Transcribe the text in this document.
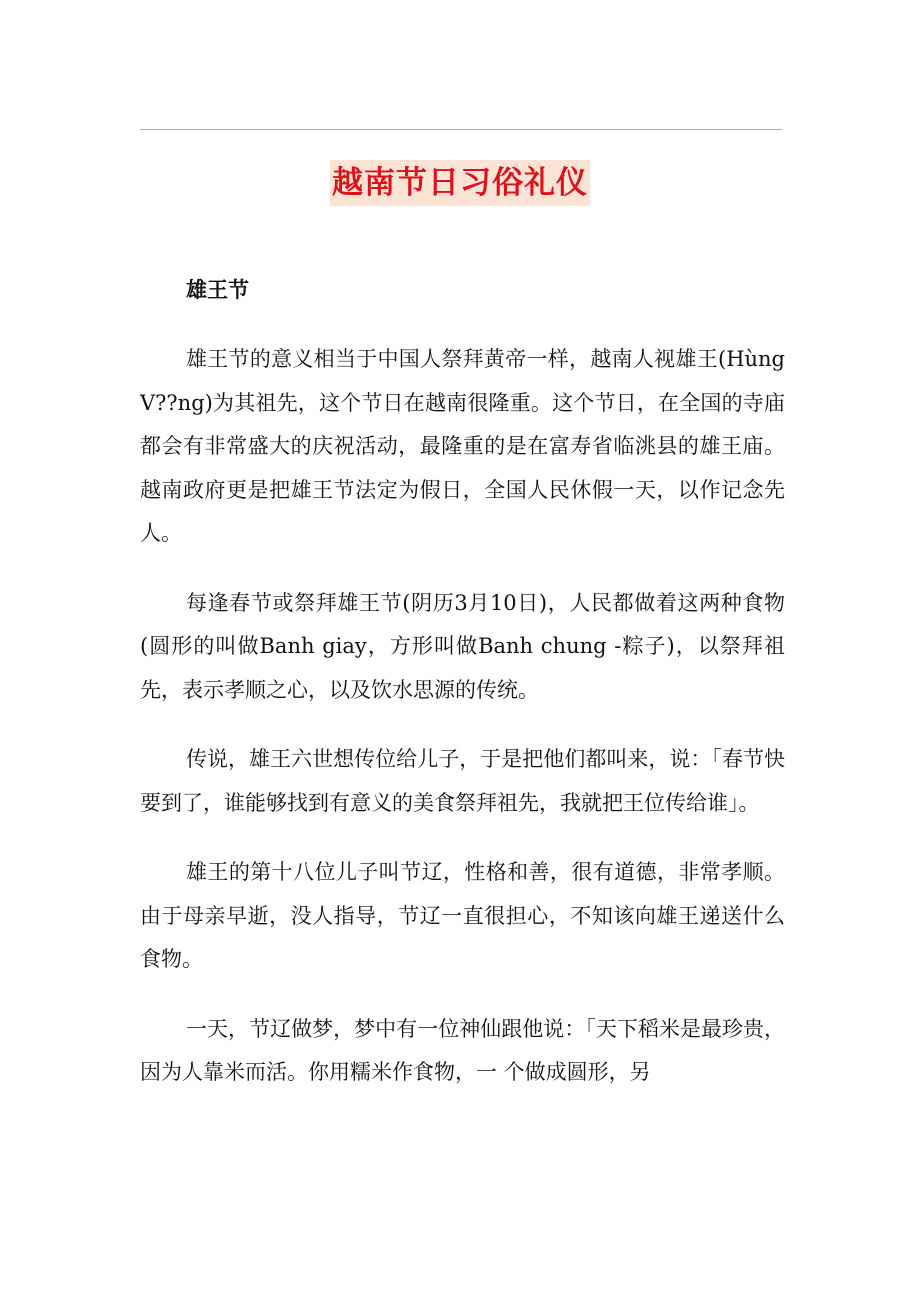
越南节日习俗礼仪
雄王节

雄王节的意义相当于中国人祭拜黄帝一样，越南人视雄王(Hùng V??ng)为其祖先，这个节日在越南很隆重。这个节日，在全国的寺庙都会有非常盛大的庆祝活动，最隆重的是在富寿省临洮县的雄王庙。越南政府更是把雄王节法定为假日，全国人民休假一天，以作记念先人。

每逢春节或祭拜雄王节(阴历3月10日)，人民都做着这两种食物(圆形的叫做Banh giay，方形叫做Banh chung -粽子)，以祭拜祖先，表示孝顺之心，以及饮水思源的传统。

传说，雄王六世想传位给儿子，于是把他们都叫来，说：「春节快要到了，谁能够找到有意义的美食祭拜祖先，我就把王位传给谁」。

雄王的第十八位儿子叫节辽，性格和善，很有道德，非常孝顺。由于母亲早逝，没人指导，节辽一直很担心，不知该向雄王递送什么食物。

一天，节辽做梦，梦中有一位神仙跟他说：「天下稻米是最珍贵，因为人靠米而活。你用糯米作食物，一 个做成圆形，另
